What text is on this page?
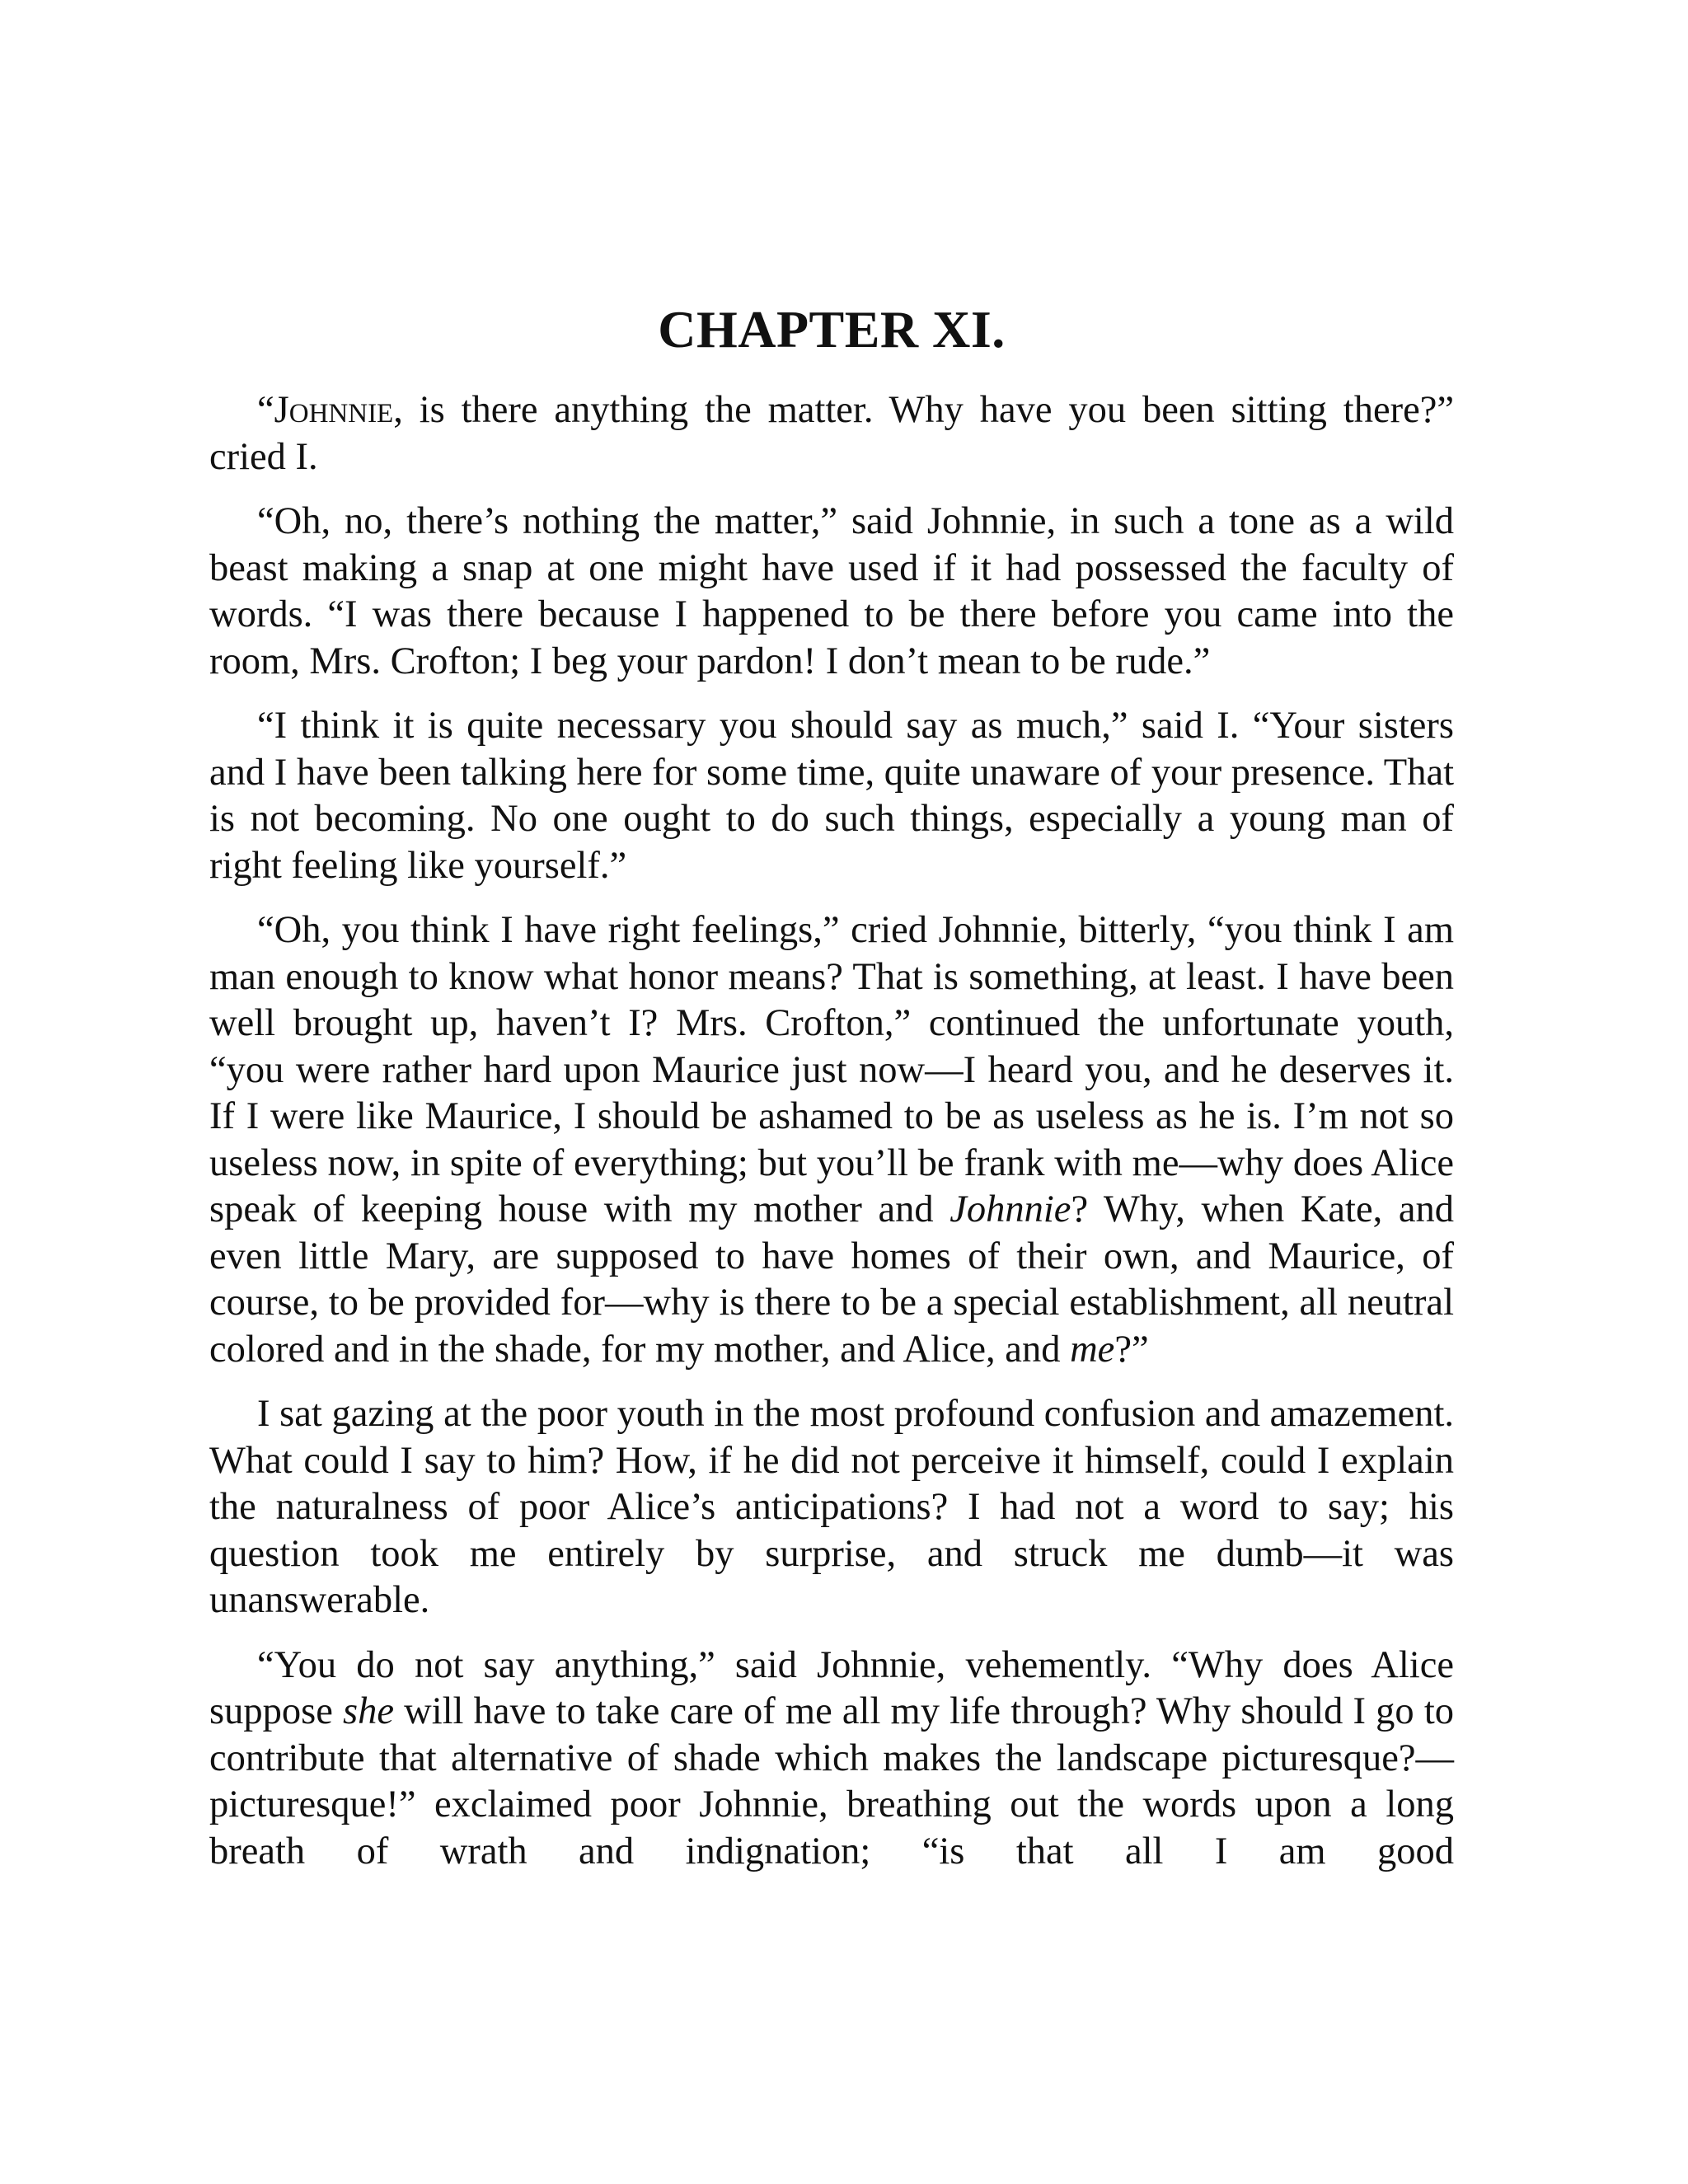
CHAPTER XI.

“Johnnie, is there anything the matter. Why have you been sitting there?” cried I.

“Oh, no, there’s nothing the matter,” said Johnnie, in such a tone as a wild beast making a snap at one might have used if it had possessed the faculty of words. “I was there because I happened to be there before you came into the room, Mrs. Crofton; I beg your pardon! I don’t mean to be rude.”

“I think it is quite necessary you should say as much,” said I. “Your sisters and I have been talking here for some time, quite unaware of your presence. That is not becoming. No one ought to do such things, especially a young man of right feeling like yourself.”

“Oh, you think I have right feelings,” cried Johnnie, bitterly, “you think I am man enough to know what honor means? That is something, at least. I have been well brought up, haven’t I? Mrs. Crofton,” continued the unfortunate youth, “you were rather hard upon Maurice just now—I heard you, and he deserves it. If I were like Maurice, I should be ashamed to be as useless as he is. I’m not so useless now, in spite of everything; but you’ll be frank with me—why does Alice speak of keeping house with my mother and Johnnie? Why, when Kate, and even little Mary, are supposed to have homes of their own, and Maurice, of course, to be provided for—why is there to be a special establishment, all neutral colored and in the shade, for my mother, and Alice, and me?”

I sat gazing at the poor youth in the most profound confusion and amazement. What could I say to him? How, if he did not perceive it himself, could I explain the naturalness of poor Alice’s anticipations? I had not a word to say; his question took me entirely by surprise, and struck me dumb—it was unanswerable.

“You do not say anything,” said Johnnie, vehemently. “Why does Alice suppose she will have to take care of me all my life through? Why should I go to contribute that alternative of shade which makes the landscape picturesque?—picturesque!” exclaimed poor Johnnie, breathing out the words upon a long breath of wrath and indignation; “is that all I am good
